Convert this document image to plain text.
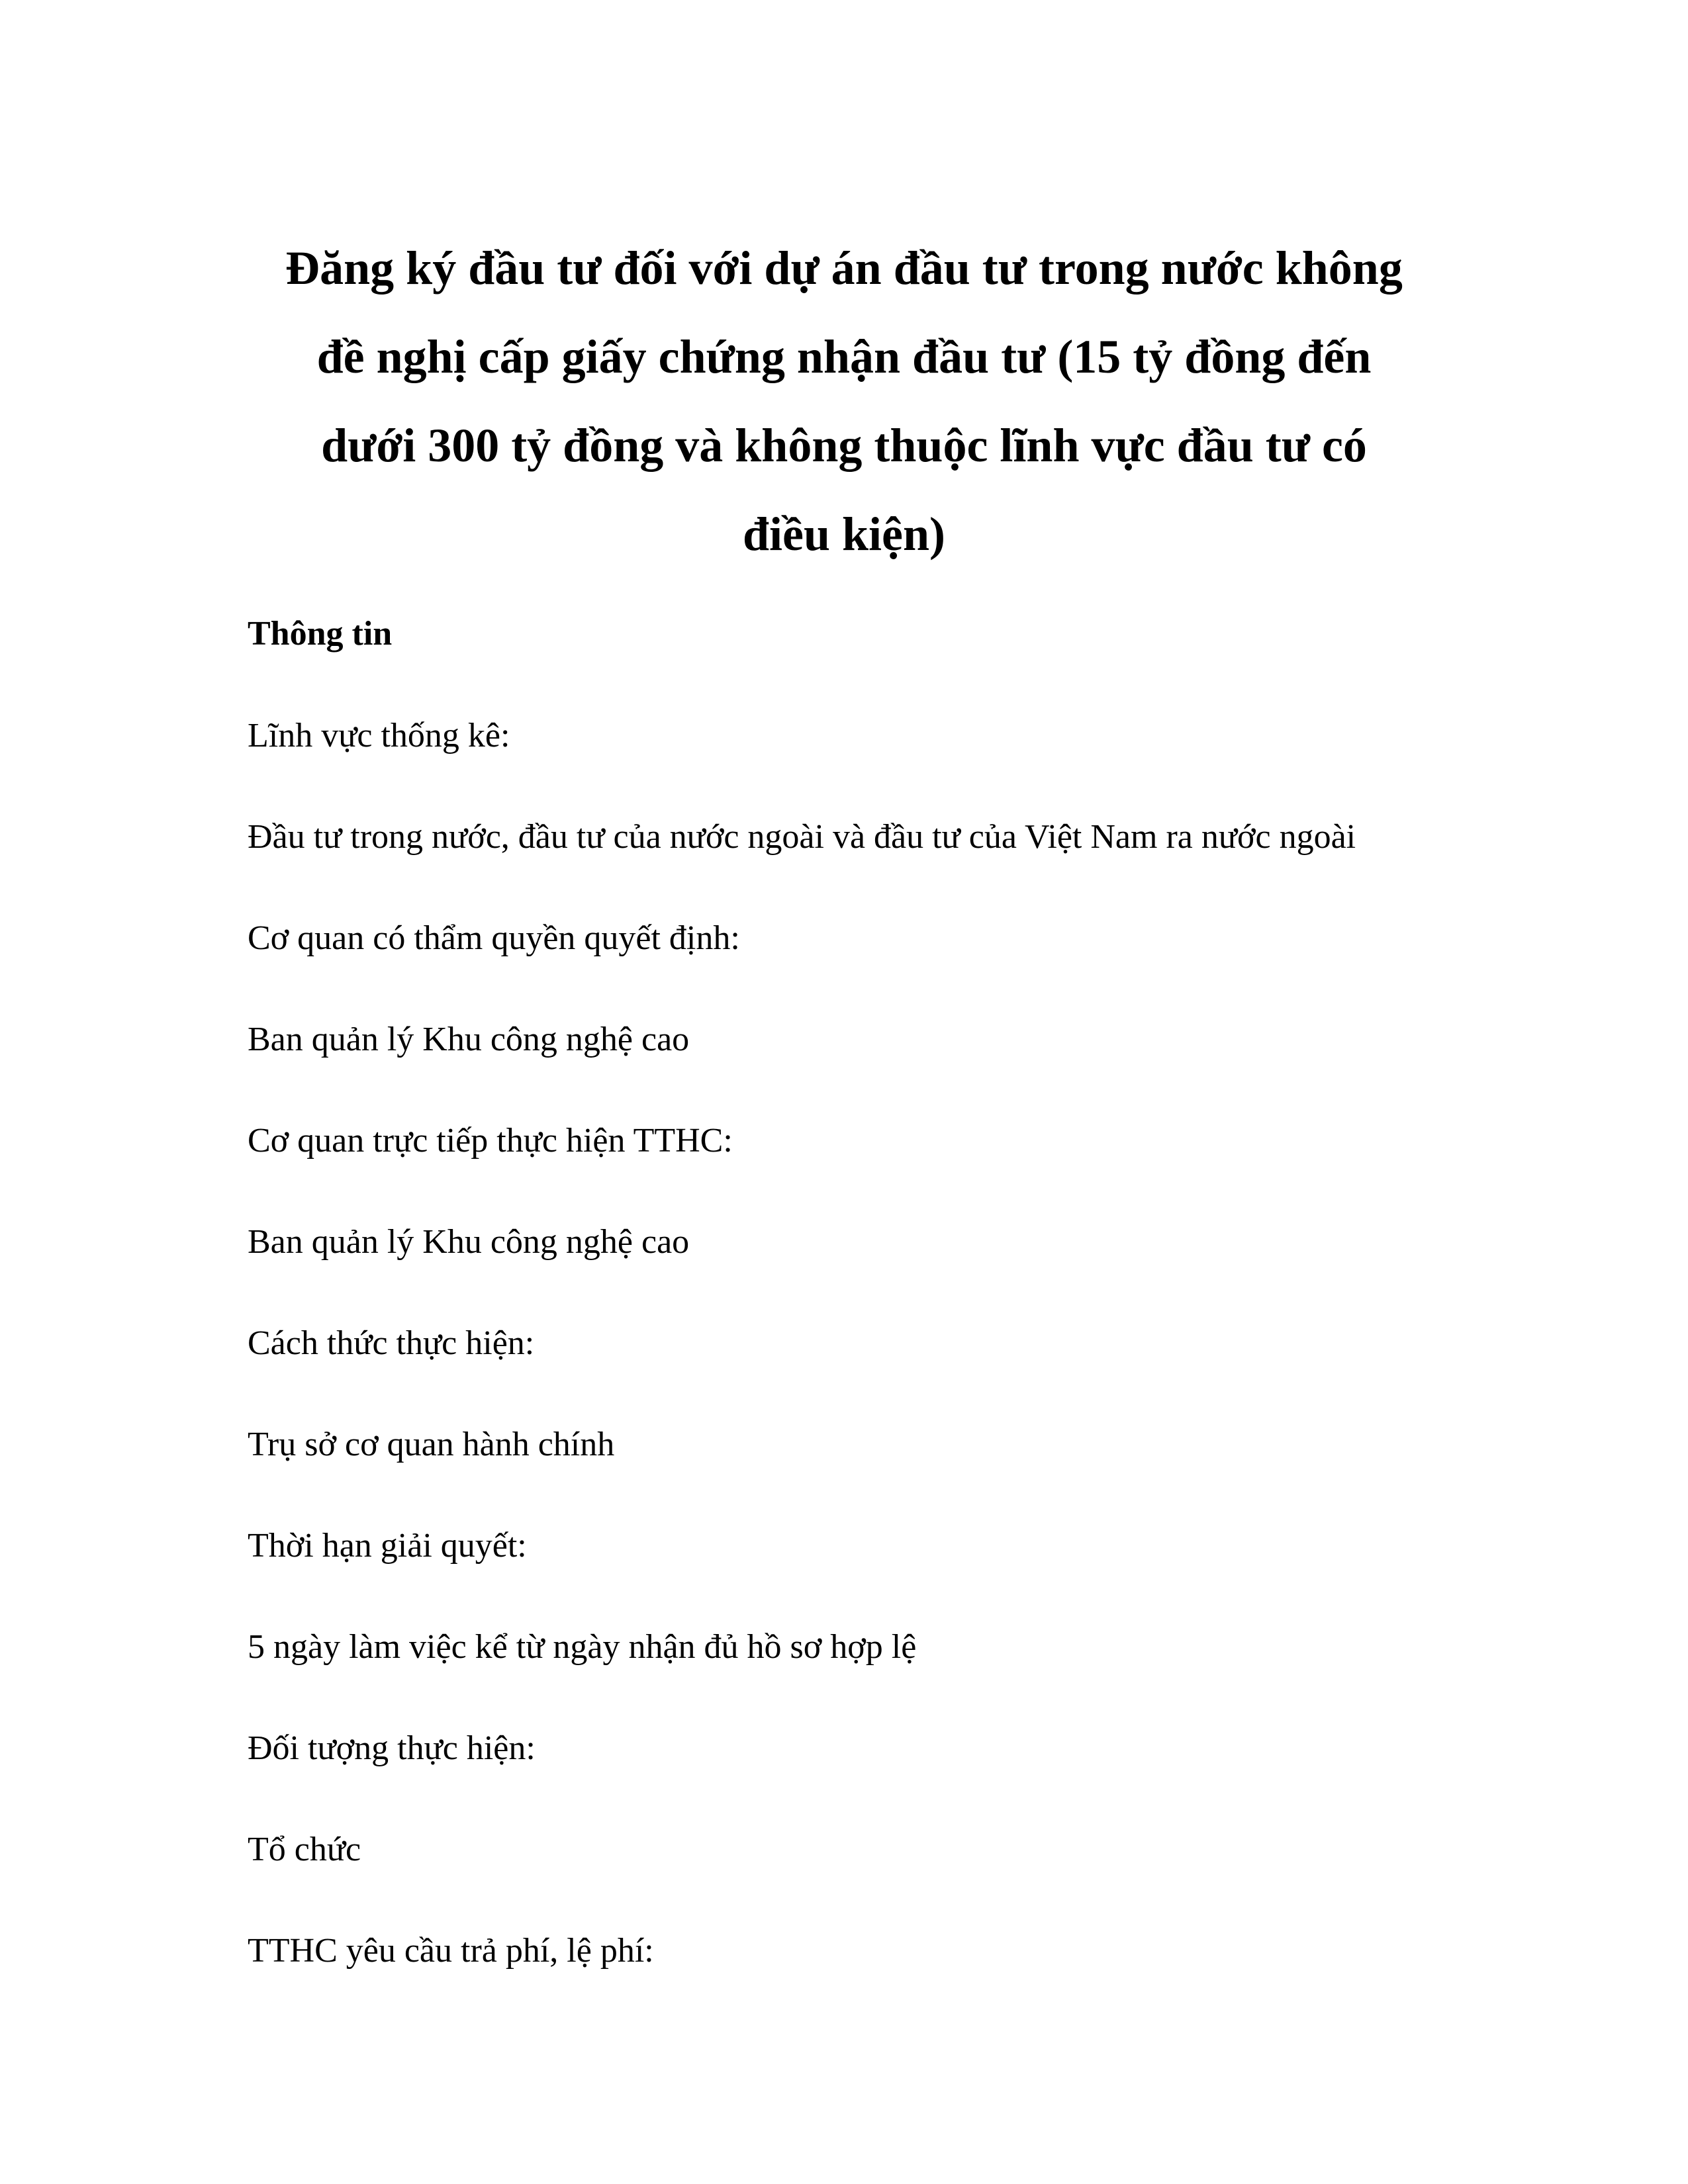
Đăng ký đầu tư đối với dự án đầu tư trong nước không
đề nghị cấp giấy chứng nhận đầu tư (15 tỷ đồng đến
dưới 300 tỷ đồng và không thuộc lĩnh vực đầu tư có
điều kiện)
Thông tin
Lĩnh vực thống kê:
Đầu tư trong nước, đầu tư của nước ngoài và đầu tư của Việt Nam ra nước ngoài
Cơ quan có thẩm quyền quyết định:
Ban quản lý Khu công nghệ cao
Cơ quan trực tiếp thực hiện TTHC:
Ban quản lý Khu công nghệ cao
Cách thức thực hiện:
Trụ sở cơ quan hành chính
Thời hạn giải quyết:
5 ngày làm việc kể từ ngày nhận đủ hồ sơ hợp lệ
Đối tượng thực hiện:
Tổ chức
TTHC yêu cầu trả phí, lệ phí:
